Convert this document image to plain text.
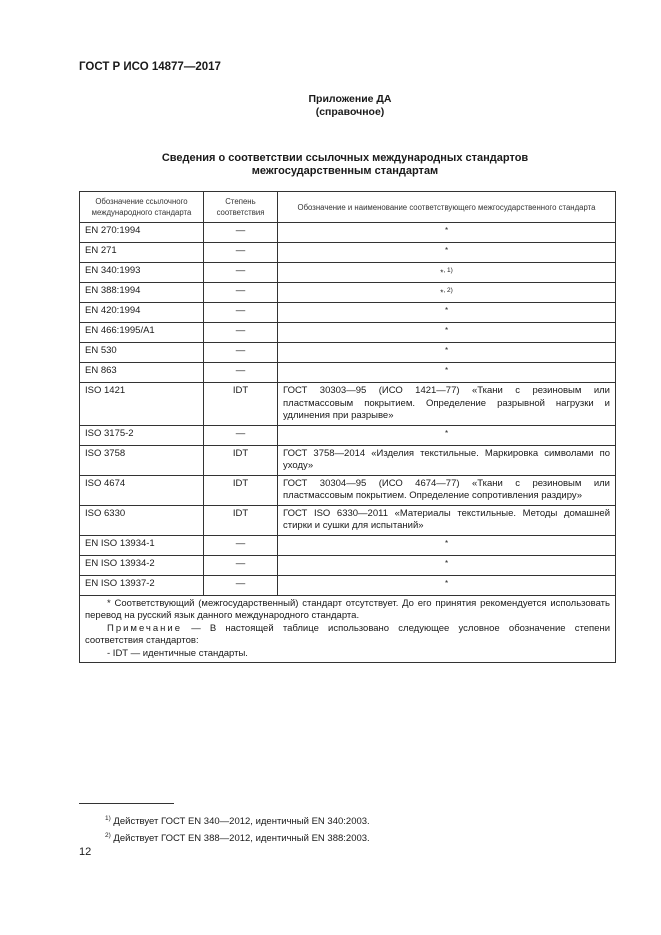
ГОСТ Р ИСО 14877—2017
Приложение ДА
(справочное)
Сведения о соответствии ссылочных международных стандартов
межгосударственным стандартам
Обозначение ссылочного международного стандарта	Степень соответствия	Обозначение и наименование соответствующего межгосударственного стандарта
EN 270:1994	—	*
EN 271	—	*
EN 340:1993	—	*$^{, 1)}$
EN 388:1994	—	*$^{, 2)}$
EN 420:1994	—	*
EN 466:1995/A1	—	*
EN 530	—	*
EN 863	—	*
ISO 1421	IDT	ГОСТ 30303—95 (ИСО 1421—77) «Ткани с резиновым или пластмассовым покрытием. Определение разрывной нагрузки и удлинения при разрыве»
ISO 3175-2	—	*
ISO 3758	IDT	ГОСТ 3758—2014 «Изделия текстильные. Маркировка символами по уходу»
ISO 4674	IDT	ГОСТ 30304—95 (ИСО 4674—77) «Ткани с резиновым или пластмассовым покрытием. Определение сопротивления раздиру»
ISO 6330	IDT	ГОСТ ISO 6330—2011 «Материалы текстильные. Методы домашней стирки и сушки для испытаний»
EN ISO 13934-1	—	*
EN ISO 13934-2	—	*
EN ISO 13937-2	—	*

* Соответствующий (межгосударственный) стандарт отсутствует. До его принятия рекомендуется использовать перевод на русский язык данного международного стандарта.

Примечание — В настоящей таблице использовано следующее условное обозначение степени соответствия стандартов:

- IDT — идентичные стандарты.		

$^{1)}$ Действует ГОСТ EN 340—2012, идентичный EN 340:2003.
$^{2)}$ Действует ГОСТ EN 388—2012, идентичный EN 388:2003.
12
